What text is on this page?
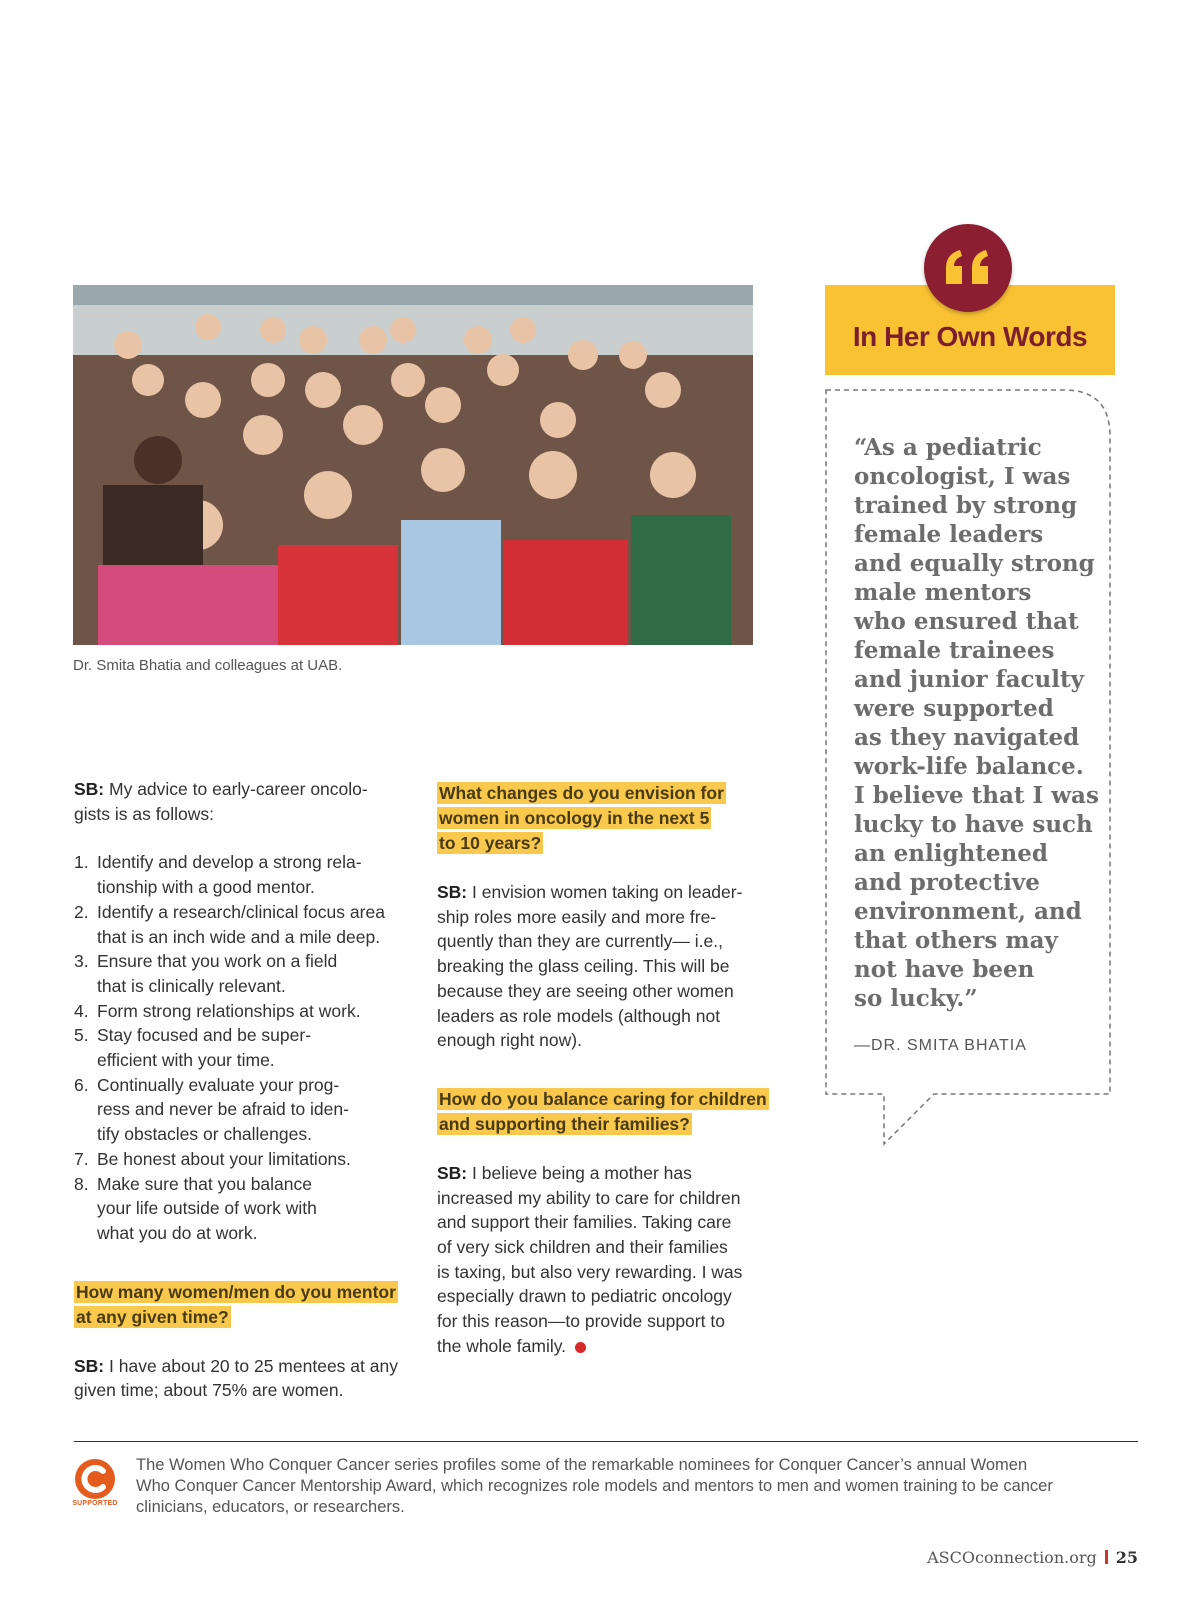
Dr. Smita Bhatia and colleagues at UAB.

SB: My advice to early-career oncolo-
gists is as follows:

1. Identify and develop a strong rela-
tionship with a good mentor.
2. Identify a research/clinical focus area
that is an inch wide and a mile deep.
3. Ensure that you work on a field
that is clinically relevant.
4. Form strong relationships at work.
5. Stay focused and be super-
efficient with your time.
6. Continually evaluate your prog-
ress and never be afraid to iden-
tify obstacles or challenges.
7. Be honest about your limitations.
8. Make sure that you balance
your life outside of work with
what you do at work.

How many women/men do you mentor
at any given time?

SB: I have about 20 to 25 mentees at any
given time; about 75% are women.

What changes do you envision for
women in oncology in the next 5
to 10 years?

SB: I envision women taking on leader-
ship roles more easily and more fre-
quently than they are currently— i.e.,
breaking the glass ceiling. This will be
because they are seeing other women
leaders as role models (although not
enough right now).

How do you balance caring for children
and supporting their families?

SB: I believe being a mother has
increased my ability to care for children
and support their families. Taking care
of very sick children and their families
is taxing, but also very rewarding. I was
especially drawn to pediatric oncology
for this reason—to provide support to
the whole family.

In Her Own Words
“As a pediatric
oncologist, I was
trained by strong
female leaders
and equally strong
male mentors
who ensured that
female trainees
and junior faculty
were supported
as they navigated
work-life balance.
I believe that I was
lucky to have such
an enlightened
and protective
environment, and
that others may
not have been
so lucky.”
—DR. SMITA BHATIA
SUPPORTED
The Women Who Conquer Cancer series profiles some of the remarkable nominees for Conquer Cancer’s annual Women
Who Conquer Cancer Mentorship Award, which recognizes role models and mentors to men and women training to be cancer
clinicians, educators, or researchers.
ASCOconnection.org 25
